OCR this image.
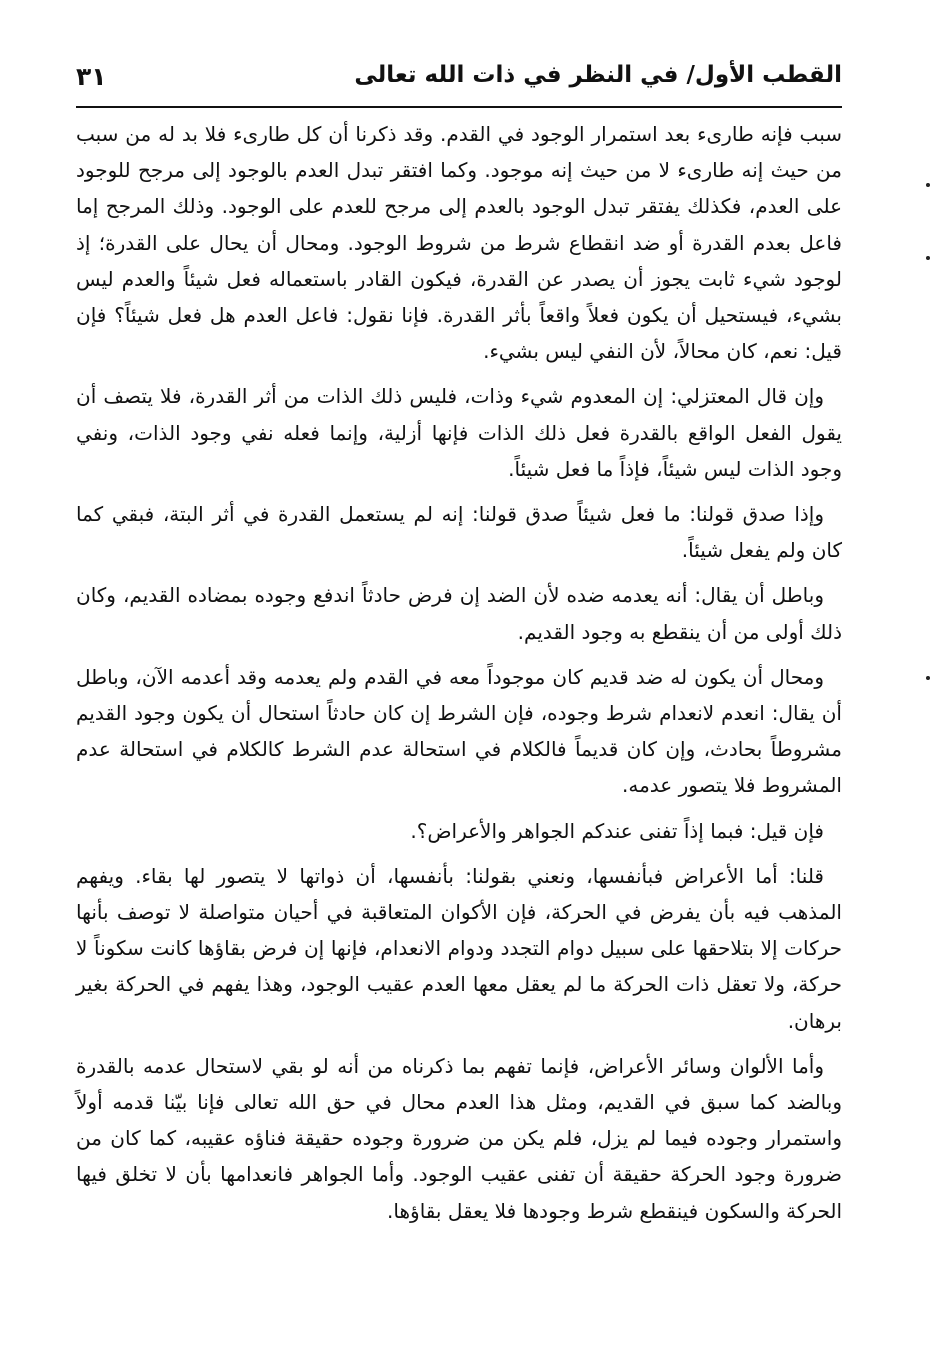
القطب الأول/ في النظر في ذات الله تعالى
٣١

سبب فإنه طارىء بعد استمرار الوجود في القدم. وقد ذكرنا أن كل طارىء فلا بد له من سبب من حيث إنه طارىء لا من حيث إنه موجود. وكما افتقر تبدل العدم بالوجود إلى مرجح للوجود على العدم، فكذلك يفتقر تبدل الوجود بالعدم إلى مرجح للعدم على الوجود. وذلك المرجح إما فاعل بعدم القدرة أو ضد انقطاع شرط من شروط الوجود. ومحال أن يحال على القدرة؛ إذ لوجود شيء ثابت يجوز أن يصدر عن القدرة، فيكون القادر باستعماله فعل شيئاً والعدم ليس بشيء، فيستحيل أن يكون فعلاً واقعاً بأثر القدرة. فإنا نقول: فاعل العدم هل فعل شيئاً؟ فإن قيل: نعم، كان محالاً، لأن النفي ليس بشيء.

وإن قال المعتزلي: إن المعدوم شيء وذات، فليس ذلك الذات من أثر القدرة، فلا يتصف أن يقول الفعل الواقع بالقدرة فعل ذلك الذات فإنها أزلية، وإنما فعله نفي وجود الذات، ونفي وجود الذات ليس شيئاً، فإذاً ما فعل شيئاً.

وإذا صدق قولنا: ما فعل شيئاً صدق قولنا: إنه لم يستعمل القدرة في أثر البتة، فبقي كما كان ولم يفعل شيئاً.

وباطل أن يقال: أنه يعدمه ضده لأن الضد إن فرض حادثاً اندفع وجوده بمضاده القديم، وكان ذلك أولى من أن ينقطع به وجود القديم.

ومحال أن يكون له ضد قديم كان موجوداً معه في القدم ولم يعدمه وقد أعدمه الآن، وباطل أن يقال: انعدم لانعدام شرط وجوده، فإن الشرط إن كان حادثاً استحال أن يكون وجود القديم مشروطاً بحادث، وإن كان قديماً فالكلام في استحالة عدم الشرط كالكلام في استحالة عدم المشروط فلا يتصور عدمه.

فإن قيل: فبما إذاً تفنى عندكم الجواهر والأعراض؟.

قلنا: أما الأعراض فبأنفسها، ونعني بقولنا: بأنفسها، أن ذواتها لا يتصور لها بقاء. ويفهم المذهب فيه بأن يفرض في الحركة، فإن الأكوان المتعاقبة في أحيان متواصلة لا توصف بأنها حركات إلا بتلاحقها على سبيل دوام التجدد ودوام الانعدام، فإنها إن فرض بقاؤها كانت سكوناً لا حركة، ولا تعقل ذات الحركة ما لم يعقل معها العدم عقيب الوجود، وهذا يفهم في الحركة بغير برهان.

وأما الألوان وسائر الأعراض، فإنما تفهم بما ذكرناه من أنه لو بقي لاستحال عدمه بالقدرة وبالضد كما سبق في القديم، ومثل هذا العدم محال في حق الله تعالى فإنا بيّنا قدمه أولاً واستمرار وجوده فيما لم يزل، فلم يكن من ضرورة وجوده حقيقة فناؤه عقيبه، كما كان من ضرورة وجود الحركة حقيقة أن تفنى عقيب الوجود. وأما الجواهر فانعدامها بأن لا تخلق فيها الحركة والسكون فينقطع شرط وجودها فلا يعقل بقاؤها.
